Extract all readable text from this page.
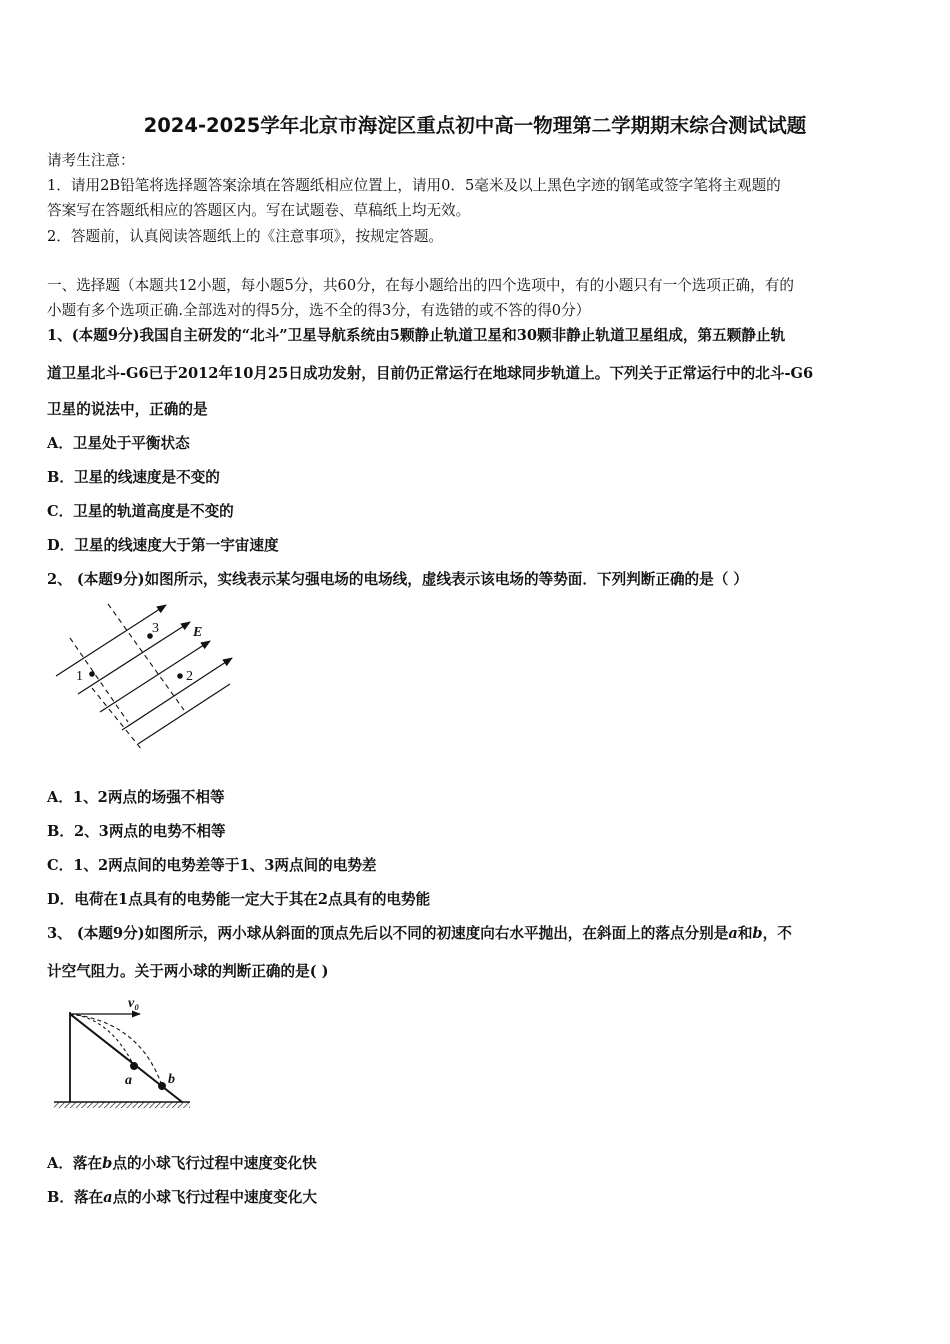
2024-2025学年北京市海淀区重点初中高一物理第二学期期末综合测试试题
请考生注意：
1．请用2B铅笔将选择题答案涂填在答题纸相应位置上，请用0．5毫米及以上黑色字迹的钢笔或签字笔将主观题的
答案写在答题纸相应的答题区内。写在试题卷、草稿纸上均无效。
2．答题前，认真阅读答题纸上的《注意事项》，按规定答题。
一、选择题（本题共12小题，每小题5分，共60分，在每小题给出的四个选项中，有的小题只有一个选项正确，有的
小题有多个选项正确.全部选对的得5分，选不全的得3分，有选错的或不答的得0分）
1、(本题9分)我国自主研发的“北斗”卫星导航系统由5颗静止轨道卫星和30颗非静止轨道卫星组成，第五颗静止轨
道卫星北斗-G6已于2012年10月25日成功发射，目前仍正常运行在地球同步轨道上。下列关于正常运行中的北斗-G6
卫星的说法中，正确的是
A．卫星处于平衡状态
B．卫星的线速度是不变的
C．卫星的轨道高度是不变的
D．卫星的线速度大于第一宇宙速度
2、 (本题9分)如图所示，实线表示某匀强电场的电场线，虚线表示该电场的等势面．下列判断正确的是（ ）
1	2
3 E
A．1、2两点的场强不相等
B．2、3两点的电势不相等
C．1、2两点间的电势差等于1、3两点间的电势差
D．电荷在1点具有的电势能一定大于其在2点具有的电势能
3、 (本题9分)如图所示，两小球从斜面的顶点先后以不同的初速度向右水平抛出，在斜面上的落点分别是a和b，不
计空气阻力。关于两小球的判断正确的是( )
v₀
a	b
A．落在b点的小球飞行过程中速度变化快
B．落在a点的小球飞行过程中速度变化大
